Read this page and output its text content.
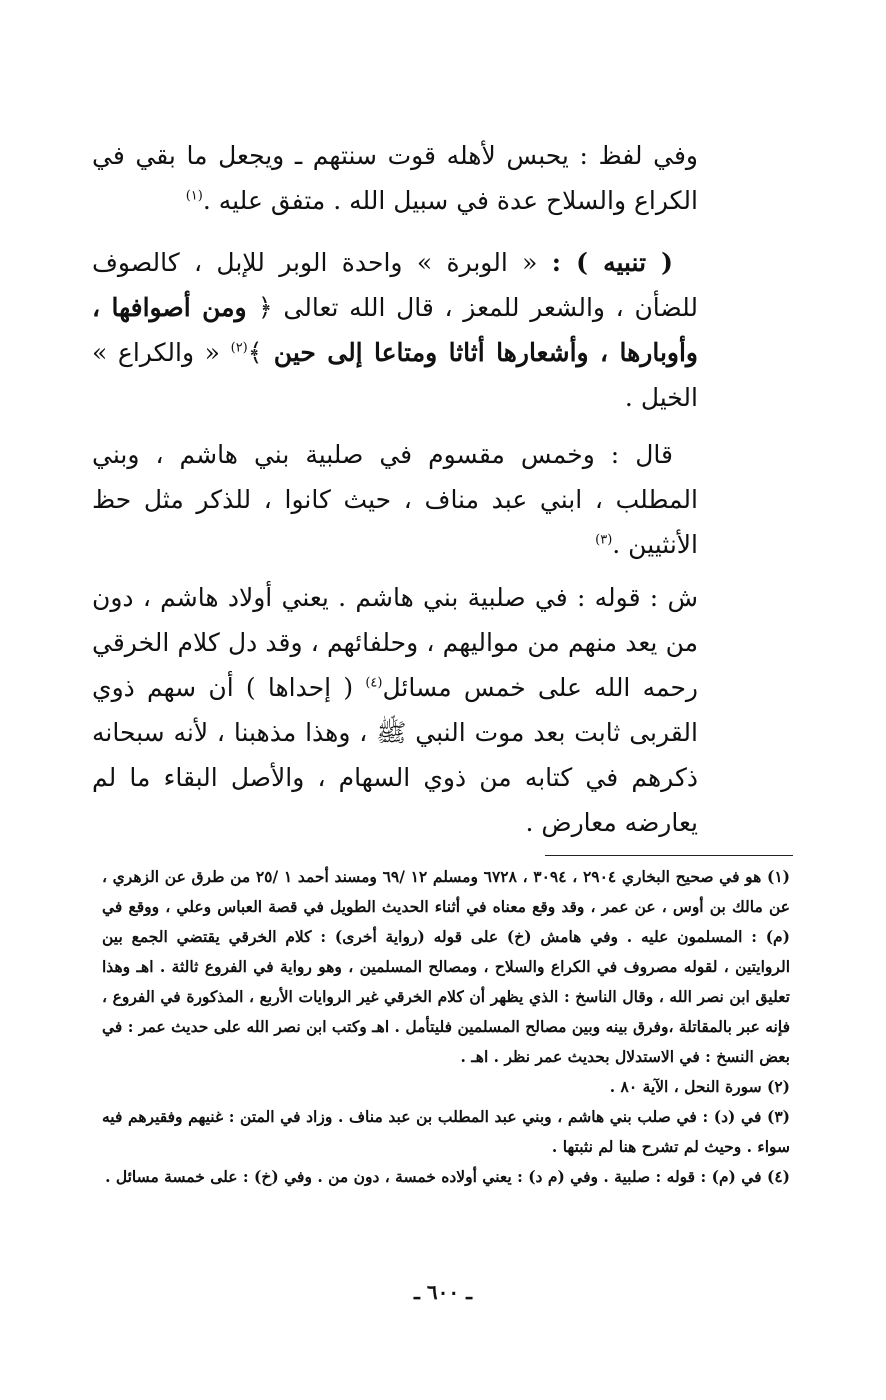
وفي لفظ : يحبس لأهله قوت سنتهم ـ ويجعل ما بقي في الكراع والسلاح عدة في سبيل الله . متفق عليه .$^{(١)}$
( تنبيه ) : « الوبرة » واحدة الوبر للإبل ، كالصوف للضأن ، والشعر للمعز ، قال الله تعالى ﴿ ومن أصوافها ، وأوبارها ، وأشعارها أثاثا ومتاعا إلى حين ﴾$^{(٢)}$ « والكراع » الخيل .
قال : وخمس مقسوم في صلبية بني هاشم ، وبني المطلب ، ابني عبد مناف ، حيث كانوا ، للذكر مثل حظ الأنثيين .$^{(٣)}$
ش : قوله : في صلبية بني هاشم . يعني أولاد هاشم ، دون من يعد منهم من مواليهم ، وحلفائهم ، وقد دل كلام الخرقي رحمه الله على خمس مسائل$^{(٤)}$ ( إحداها ) أن سهم ذوي القربى ثابت بعد موت النبي ﷺ ، وهذا مذهبنا ، لأنه سبحانه ذكرهم في كتابه من ذوي السهام ، والأصل البقاء ما لم يعارضه معارض .

(١) هو في صحيح البخاري ٢٩٠٤ ، ٣٠٩٤ ، ٦٧٢٨ ومسلم ١٢ /٦٩ ومسند أحمد ١ /٢٥ من طرق عن الزهري ، عن مالك بن أوس ، عن عمر ، وقد وقع معناه في أثناء الحديث الطويل في قصة العباس وعلي ، ووقع في (م) : المسلمون عليه . وفي هامش (خ) على قوله (رواية أخرى) : كلام الخرقي يقتضي الجمع بين الروايتين ، لقوله مصروف في الكراع والسلاح ، ومصالح المسلمين ، وهو رواية في الفروع ثالثة . اهـ وهذا تعليق ابن نصر الله ، وقال الناسخ : الذي يظهر أن كلام الخرقي غير الروايات الأربع ، المذكورة في الفروع ، فإنه عبر بالمقاتلة ،وفرق بينه وبين مصالح المسلمين فليتأمل . اهـ وكتب ابن نصر الله على حديث عمر : في بعض النسخ : في الاستدلال بحديث عمر نظر . اهـ .

(٢) سورة النحل ، الآية ٨٠ .

(٣) في (د) : في صلب بني هاشم ، وبني عبد المطلب بن عبد مناف . وزاد في المتن : غنيهم وفقيرهم فيه سواء . وحيث لم تشرح هنا لم نثبتها .

(٤) في (م) : قوله : صلبية . وفي (م د) : يعني أولاده خمسة ، دون من . وفي (خ) : على خمسة مسائل .

ـ ٦٠٠ ـ
